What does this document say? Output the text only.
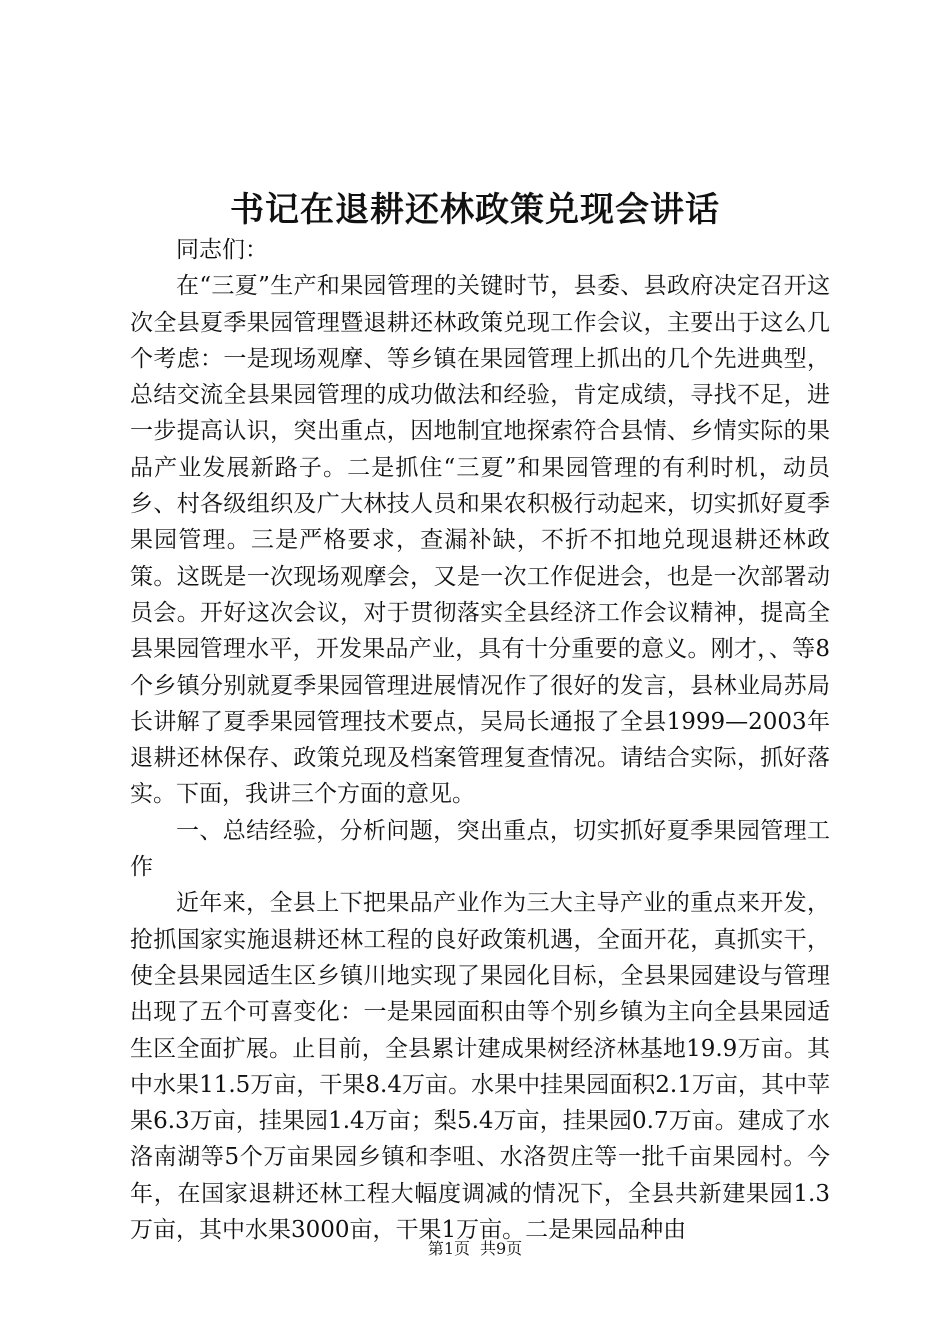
书记在退耕还林政策兑现会讲话

同志们：

在“三夏”生产和果园管理的关键时节，县委、县政府决定召开这次全县夏季果园管理暨退耕还林政策兑现工作会议，主要出于这么几个考虑：一是现场观摩、等乡镇在果园管理上抓出的几个先进典型，总结交流全县果园管理的成功做法和经验，肯定成绩，寻找不足，进一步提高认识，突出重点，因地制宜地探索符合县情、乡情实际的果品产业发展新路子。二是抓住“三夏”和果园管理的有利时机，动员乡、村各级组织及广大林技人员和果农积极行动起来，切实抓好夏季果园管理。三是严格要求，查漏补缺，不折不扣地兑现退耕还林政策。这既是一次现场观摩会，又是一次工作促进会，也是一次部署动员会。开好这次会议，对于贯彻落实全县经济工作会议精神，提高全县果园管理水平，开发果品产业，具有十分重要的意义。刚才，、等8个乡镇分别就夏季果园管理进展情况作了很好的发言，县林业局苏局长讲解了夏季果园管理技术要点，吴局长通报了全县1999—2003年退耕还林保存、政策兑现及档案管理复查情况。请结合实际，抓好落实。下面，我讲三个方面的意见。

一、总结经验，分析问题，突出重点，切实抓好夏季果园管理工作

近年来，全县上下把果品产业作为三大主导产业的重点来开发，抢抓国家实施退耕还林工程的良好政策机遇，全面开花，真抓实干，使全县果园适生区乡镇川地实现了果园化目标，全县果园建设与管理出现了五个可喜变化：一是果园面积由等个别乡镇为主向全县果园适生区全面扩展。止目前，全县累计建成果树经济林基地19.9万亩。其中水果11.5万亩，干果8.4万亩。水果中挂果园面积2.1万亩，其中苹果6.3万亩，挂果园1.4万亩；梨5.4万亩，挂果园0.7万亩。建成了水洛南湖等5个万亩果园乡镇和李咀、水洛贺庄等一批千亩果园村。今年，在国家退耕还林工程大幅度调减的情况下，全县共新建果园1.3万亩，其中水果3000亩，干果1万亩。二是果园品种由

第1页 共9页
